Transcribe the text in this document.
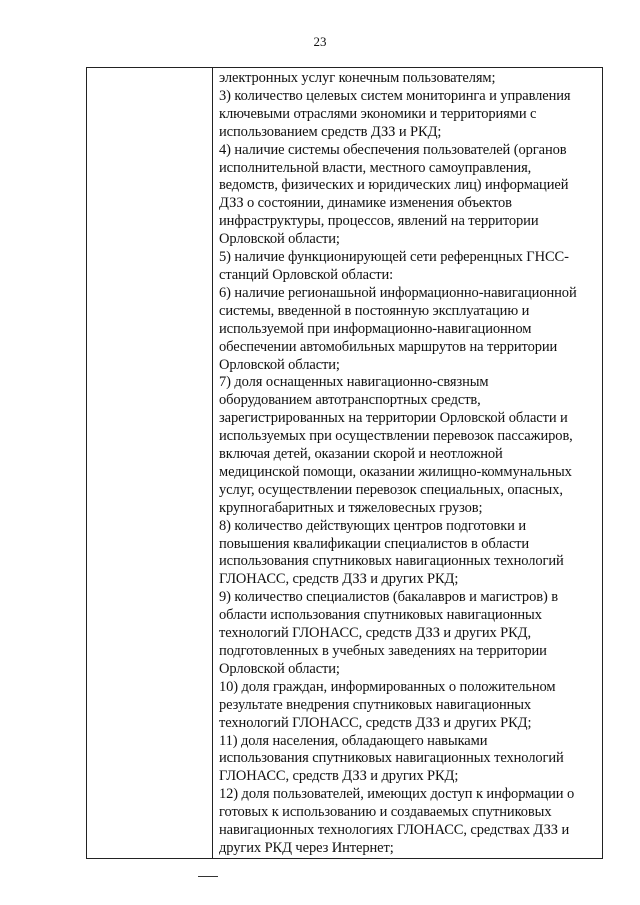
23

электронных услуг конечным пользователям;
3) количество целевых систем мониторинга и управления
ключевыми отраслями экономики и территориями с
использованием средств ДЗЗ и РКД;
4) наличие системы обеспечения пользователей (органов
исполнительной власти, местного самоуправления,
ведомств, физических и юридических лиц) информацией
ДЗЗ о состоянии, динамике изменения объектов
инфраструктуры, процессов, явлений на территории
Орловской области;
5) наличие функционирующей сети референцных ГНСС-
станций Орловской области:
6) наличие регионашьной информационно-навигационной
системы, введенной в постоянную эксплуатацию и
используемой при информационно-навигационном
обеспечении автомобильных маршрутов на территории
Орловской области;
7) доля оснащенных навигационно-связным
оборудованием автотранспортных средств,
зарегистрированных на территории Орловской области и
используемых при осуществлении перевозок пассажиров,
включая детей, оказании скорой и неотложной
медицинской помощи, оказании жилищно-коммунальных
услуг, осуществлении перевозок специальных, опасных,
крупногабаритных и тяжеловесных грузов;
8) количество действующих центров подготовки и
повышения квалификации специалистов в области
использования спутниковых навигационных технологий
ГЛОНАСС, средств ДЗЗ и других РКД;
9) количество специалистов (бакалавров и магистров) в
области использования спутниковых навигационных
технологий ГЛОНАСС, средств ДЗЗ и других РКД,
подготовленных в учебных заведениях на территории
Орловской области;
10) доля граждан, информированных о положительном
результате внедрения спутниковых навигационных
технологий ГЛОНАСС, средств ДЗЗ и других РКД;
11) доля населения, обладающего навыками
использования спутниковых навигационных технологий
ГЛОНАСС, средств ДЗЗ и других РКД;
12) доля пользователей, имеющих доступ к информации о
готовых к использованию и создаваемых спутниковых
навигационных технологиях ГЛОНАСС, средствах ДЗЗ и
других РКД через Интернет;
